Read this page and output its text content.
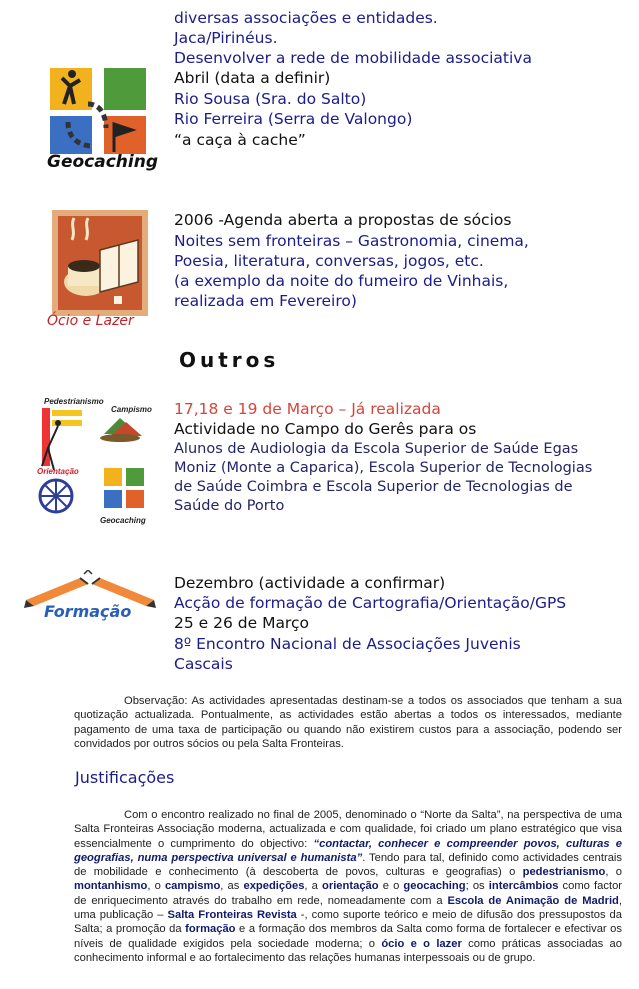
Geocaching
diversas associações e entidades.
Jaca/Pirinéus.
Desenvolver a rede de mobilidade associativa
Abril (data a definir)
Rio Sousa (Sra. do Salto)
Rio Ferreira (Serra de Valongo)
“a caça à cache”
Ócio e Lazer
2006 -Agenda aberta a propostas de sócios
Noites sem fronteiras – Gastronomia, cinema,
Poesia, literatura, conversas, jogos, etc.
(a exemplo da noite do fumeiro de Vinhais,
realizada em Fevereiro)
Outros
Pedestrianismo
Campismo
Orientação
Geocaching
17,18 e 19 de Março – Já realizada
Actividade no Campo do Gerês para os
Alunos de Audiologia da Escola Superior de Saúde Egas
Moniz (Monte a Caparica), Escola Superior de Tecnologias
de Saúde Coimbra e Escola Superior de Tecnologias de
Saúde do Porto
Formação
Dezembro (actividade a confirmar)
Acção de formação de Cartografia/Orientação/GPS
25 e 26 de Março
8º Encontro Nacional de Associações Juvenis
Cascais
Observação: As actividades apresentadas destinam-se a todos os associados que tenham a sua quotização actualizada. Pontualmente, as actividades estão abertas a todos os interessados, mediante pagamento de uma taxa de participação ou quando não existirem custos para a associação, podendo ser convidados por outros sócios ou pela Salta Fronteiras.
Justificações
Com o encontro realizado no final de 2005, denominado o “Norte da Salta”, na perspectiva de uma Salta Fronteiras Associação moderna, actualizada e com qualidade, foi criado um plano estratégico que visa essencialmente o cumprimento do objectivo: “contactar, conhecer e compreender povos, culturas e geografias, numa perspectiva universal e humanista”. Tendo para tal, definido como actividades centrais de mobilidade e conhecimento (à descoberta de povos, culturas e geografias) o pedestrianismo, o montanhismo, o campismo, as expedições, a orientação e o geocaching; os intercâmbios como factor de enriquecimento através do trabalho em rede, nomeadamente com a Escola de Animação de Madrid, uma publicação – Salta Fronteiras Revista -, como suporte teórico e meio de difusão dos pressupostos da Salta; a promoção da formação e a formação dos membros da Salta como forma de fortalecer e efectivar os níveis de qualidade exigidos pela sociedade moderna; o ócio e o lazer como práticas associadas ao conhecimento informal e ao fortalecimento das relações humanas interpessoais ou de grupo.
